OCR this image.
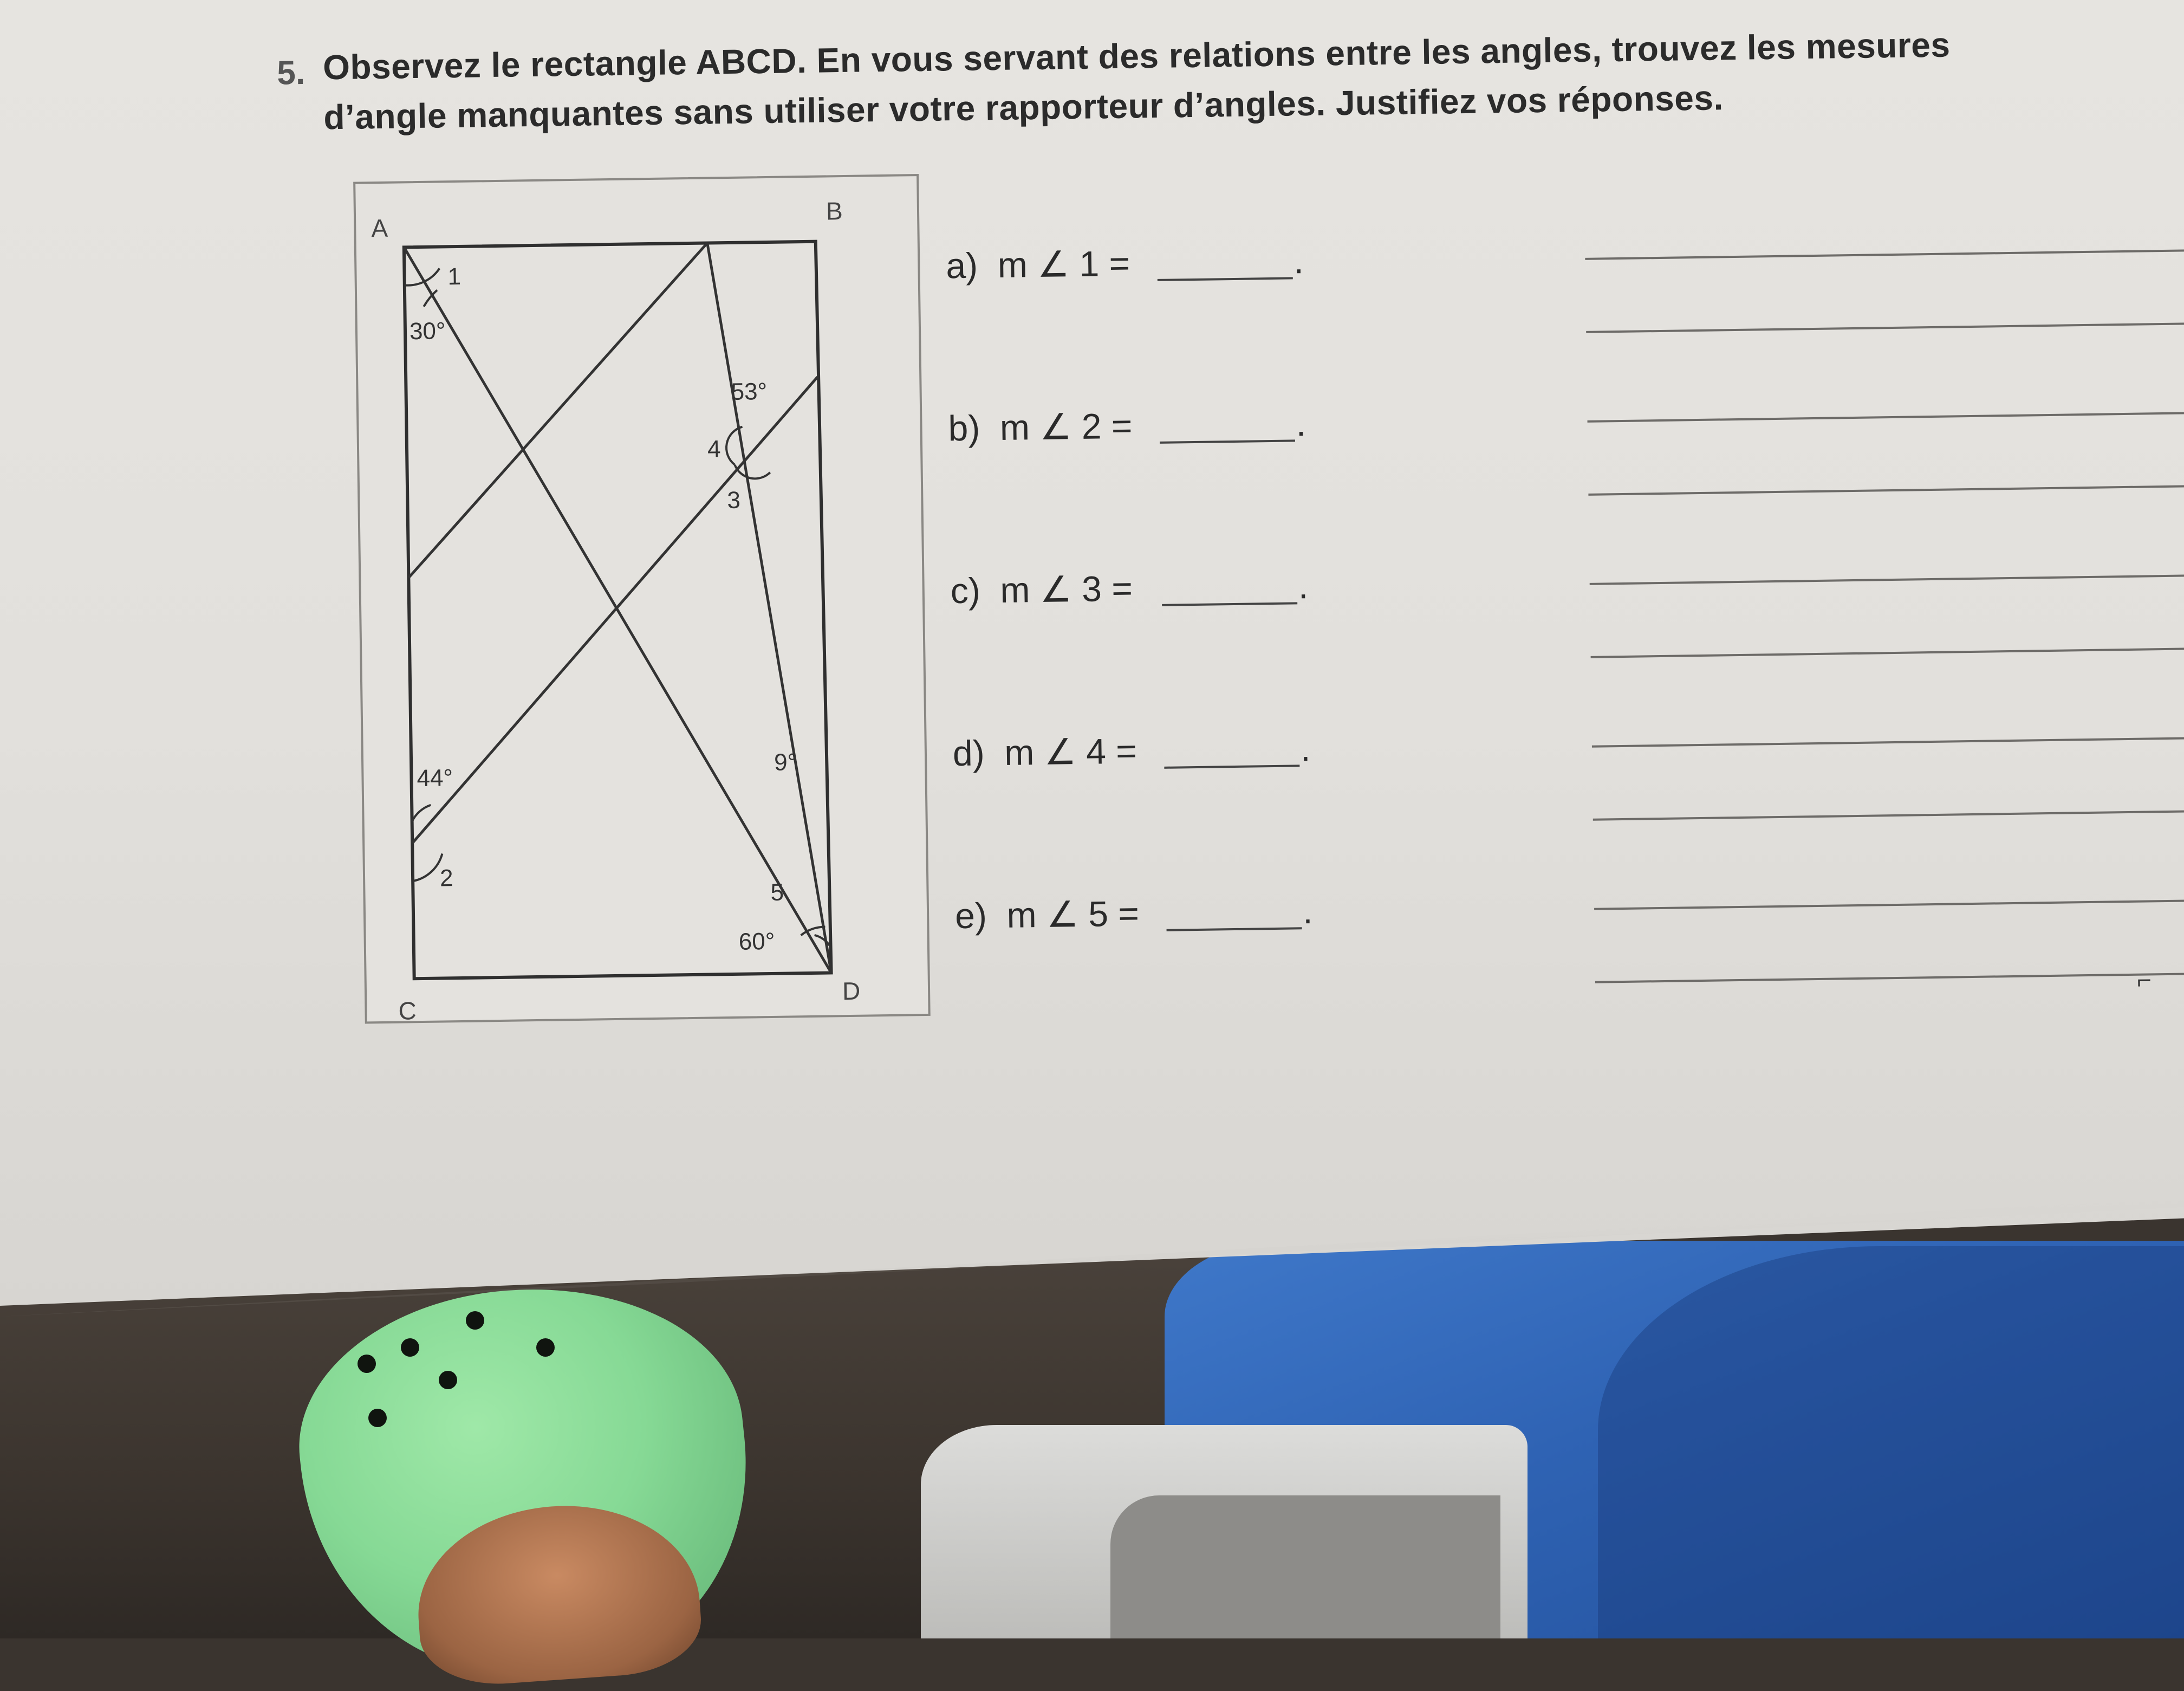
5. Observez le rectangle ABCD. En vous servant des relations entre les angles, trouvez les mesures d’angle manquantes sans utiliser votre rapporteur d’angles. Justifiez vos réponses.
A
B
C
D
1
30°
53°
4
3
44°
9°
2
5
60°
a)  m ∠ 1 =	.
b)  m ∠ 2 =	.
c)  m ∠ 3 =	.
d)  m ∠ 4 =	.
e)  m ∠ 5 =	.
⌐
